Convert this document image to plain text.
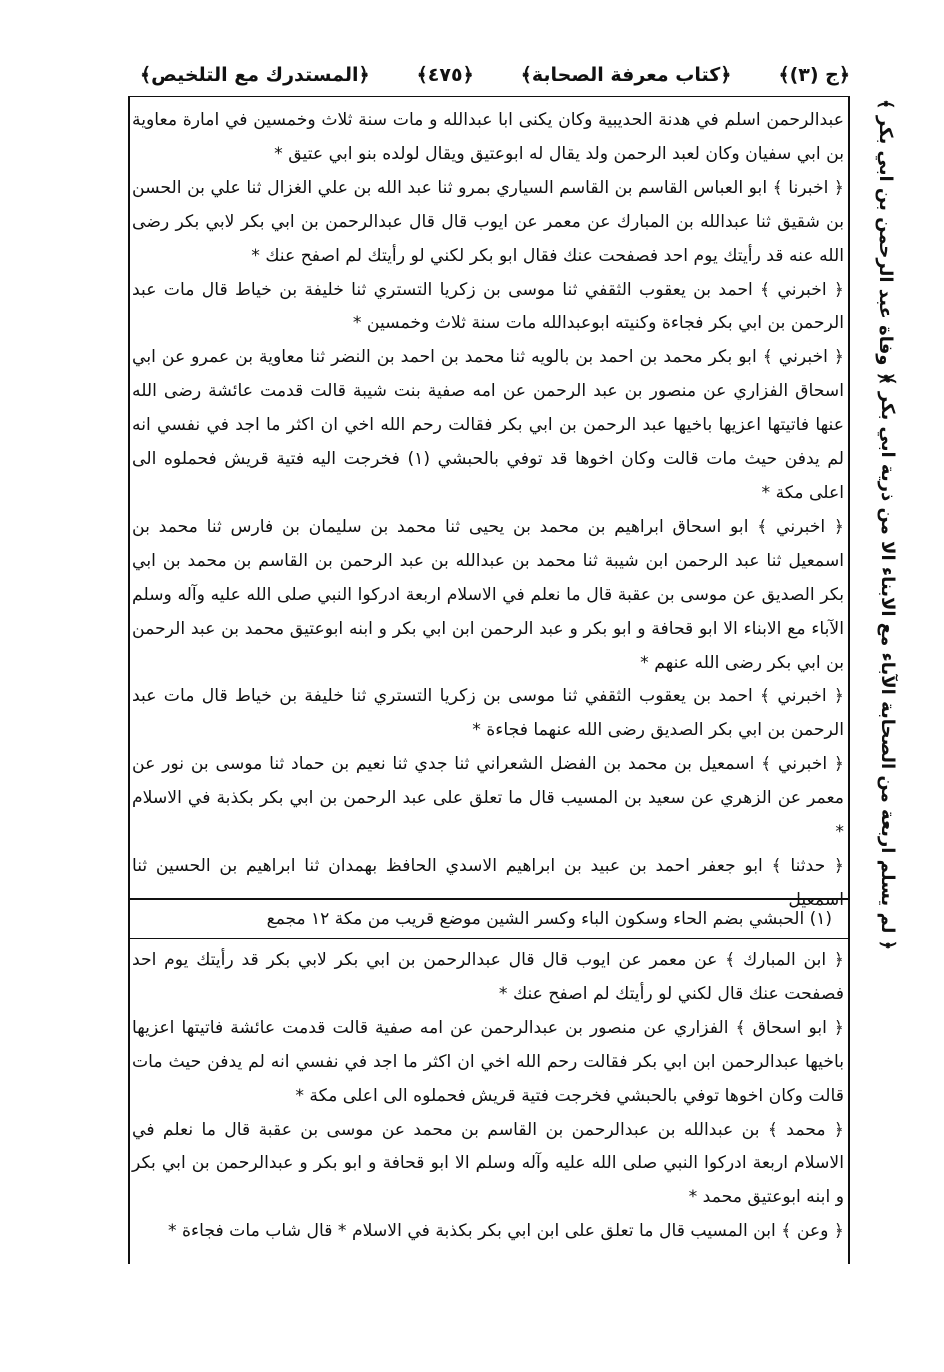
﴿المستدرك مع التلخيص﴾ ﴿٤٧٥﴾ ﴿كتاب معرفة الصحابة﴾ ﴿ج (٣)﴾

عبدالرحمن اسلم في هدنة الحديبية وكان يكنى ابا عبدالله و مات سنة ثلاث وخمسين في امارة معاوية بن ابي سفيان وكان لعبد الرحمن ولد يقال له ابوعتيق ويقال لولده بنو ابي عتيق *

﴿ اخبرنا ﴾ ابو العباس القاسم بن القاسم السياري بمرو ثنا عبد الله بن علي الغزال ثنا علي بن الحسن بن شقيق ثنا عبدالله بن المبارك عن معمر عن ايوب قال قال عبدالرحمن بن ابي بكر لابي بكر رضى الله عنه قد رأيتك يوم احد فصفحت عنك فقال ابو بكر لكني لو رأيتك لم اصفح عنك *

﴿ اخبرني ﴾ احمد بن يعقوب الثقفي ثنا موسى بن زكريا التستري ثنا خليفة بن خياط قال مات عبد الرحمن بن ابي بكر فجاءة وكنيته ابوعبدالله مات سنة ثلاث وخمسين *

﴿ اخبرني ﴾ ابو بكر محمد بن احمد بن بالويه ثنا محمد بن احمد بن النضر ثنا معاوية بن عمرو عن ابي اسحاق الفزاري عن منصور بن عبد الرحمن عن امه صفية بنت شيبة قالت قدمت عائشة رضى الله عنها فاتيتها اعزيها باخيها عبد الرحمن بن ابي بكر فقالت رحم الله اخي ان اكثر ما اجد في نفسي انه لم يدفن حيث مات قالت وكان اخوها قد توفي بالحبشي (١) فخرجت اليه فتية قريش فحملوه الى اعلى مكة *

﴿ اخبرني ﴾ ابو اسحاق ابراهيم بن محمد بن يحيى ثنا محمد بن سليمان بن فارس ثنا محمد بن اسمعيل ثنا عبد الرحمن ابن شيبة ثنا محمد بن عبدالله بن عبد الرحمن بن القاسم بن محمد بن ابي بكر الصديق عن موسى بن عقبة قال ما نعلم في الاسلام اربعة ادركوا النبي صلى الله عليه وآله وسلم الآباء مع الابناء الا ابو قحافة و ابو بكر و عبد الرحمن ابن ابي بكر و ابنه ابوعتيق محمد بن عبد الرحمن بن ابي بكر رضى الله عنهم *

﴿ اخبرني ﴾ احمد بن يعقوب الثقفي ثنا موسى بن زكريا التستري ثنا خليفة بن خياط قال مات عبد الرحمن بن ابي بكر الصديق رضى الله عنهما فجاءة *

﴿ اخبرني ﴾ اسمعيل بن محمد بن الفضل الشعراني ثنا جدي ثنا نعيم بن حماد ثنا موسى بن نور عن معمر عن الزهري عن سعيد بن المسيب قال ما تعلق على عبد الرحمن بن ابي بكر بكذبة في الاسلام *

﴿ حدثنا ﴾ ابو جعفر احمد بن عبيد بن ابراهيم الاسدي الحافظ بهمدان ثنا ابراهيم بن الحسين ثنا اسمعيل

(١) الحبشي بضم الحاء وسكون الباء وكسر الشين موضع قريب من مكة ١٢ مجمع

﴿ ابن المبارك ﴾ عن معمر عن ايوب قال قال عبدالرحمن بن ابي بكر لابي بكر قد رأيتك يوم احد فصفحت عنك قال لكني لو رأيتك لم اصفح عنك *

﴿ ابو اسحاق ﴾ الفزاري عن منصور بن عبدالرحمن عن امه صفية قالت قدمت عائشة فاتيتها اعزيها باخيها عبدالرحمن ابن ابي بكر فقالت رحم الله اخي ان اكثر ما اجد في نفسي انه لم يدفن حيث مات قالت وكان اخوها توفي بالحبشي فخرجت فتية قريش فحملوه الى اعلى مكة *

﴿ محمد ﴾ بن عبدالله بن عبدالرحمن بن القاسم بن محمد عن موسى بن عقبة قال ما نعلم في الاسلام اربعة ادركوا النبي صلى الله عليه وآله وسلم الا ابو قحافة و ابو بكر و عبدالرحمن بن ابي بكر و ابنه ابوعتيق محمد *

﴿ وعن ﴾ ابن المسيب قال ما تعلق على ابن ابي بكر بكذبة في الاسلام * قال شاب مات فجاءة *

﴿ وفاة عبد الرحمن بن ابي بكر ﴾
﴿ لم يسلم اربعة من الصحابة الآباء مع الابناء الا من ذرية ابي بكر ﴾
